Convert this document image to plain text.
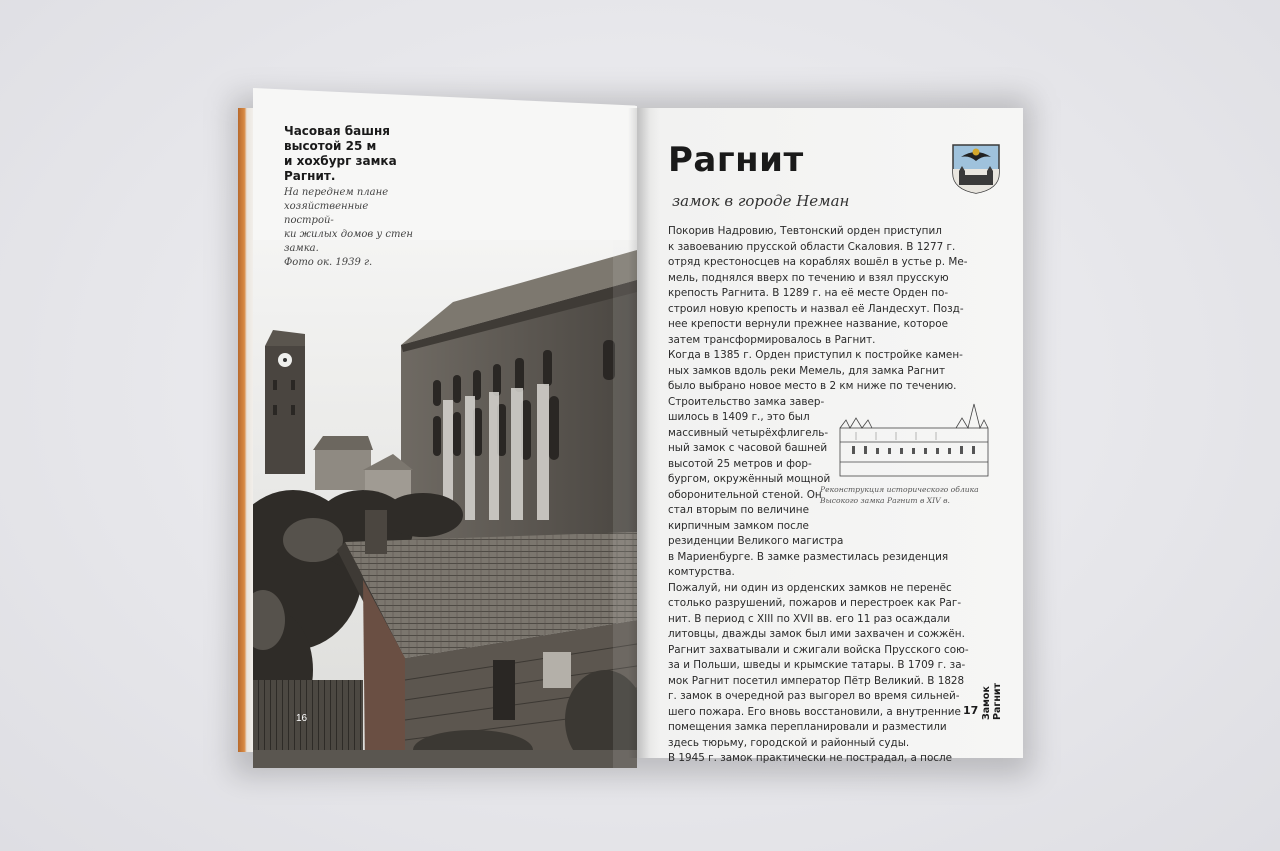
Часовая башня
высотой 25 м
и хохбург замка
Рагнит.
На переднем плане
хозяйственные построй-
ки жилых домов у стен
замка.
Фото ок. 1939 г.
16
Рагнит
замок в городе Неман
Покорив Надровию, Тевтонский орден приступил
к завоеванию прусской области Скаловия. В 1277 г.
отряд крестоносцев на кораблях вошёл в устье р. Ме-
мель, поднялся вверх по течению и взял прусскую
крепость Рагнита. В 1289 г. на её месте Орден по-
строил новую крепость и назвал её Ландесхут. Позд-
нее крепости вернули прежнее название, которое
затем трансформировалось в Рагнит.
Когда в 1385 г. Орден приступил к постройке камен-
ных замков вдоль реки Мемель, для замка Рагнит
было выбрано новое место в 2 км ниже по течению.
Строительство замка завер-
шилось в 1409 г., это был
массивный четырёхфлигель-
ный замок с часовой башней
высотой 25 метров и фор-
бургом, окружённый мощной
оборонительной стеной. Он
стал вторым по величине
кирпичным замком после
резиденции Великого магистра
в Мариенбурге. В замке разместилась резиденция
комтурства.
Пожалуй, ни один из орденских замков не перенёс
столько разрушений, пожаров и перестроек как Раг-
нит. В период с XIII по XVII вв. его 11 раз осаждали
литовцы, дважды замок был ими захвачен и сожжён.
Рагнит захватывали и сжигали войска Прусского сою-
за и Польши, шведы и крымские татары. В 1709 г. за-
мок Рагнит посетил император Пётр Великий. В 1828
г. замок в очередной раз выгорел во время сильней-
шего пожара. Его вновь восстановили, а внутренние
помещения замка перепланировали и разместили
здесь тюрьму, городской и районный суды.
В 1945 г. замок практически не пострадал, а после
Реконструкция исторического облика
Высокого замка Рагнит в XIV в.
Замок Рагнит
17
